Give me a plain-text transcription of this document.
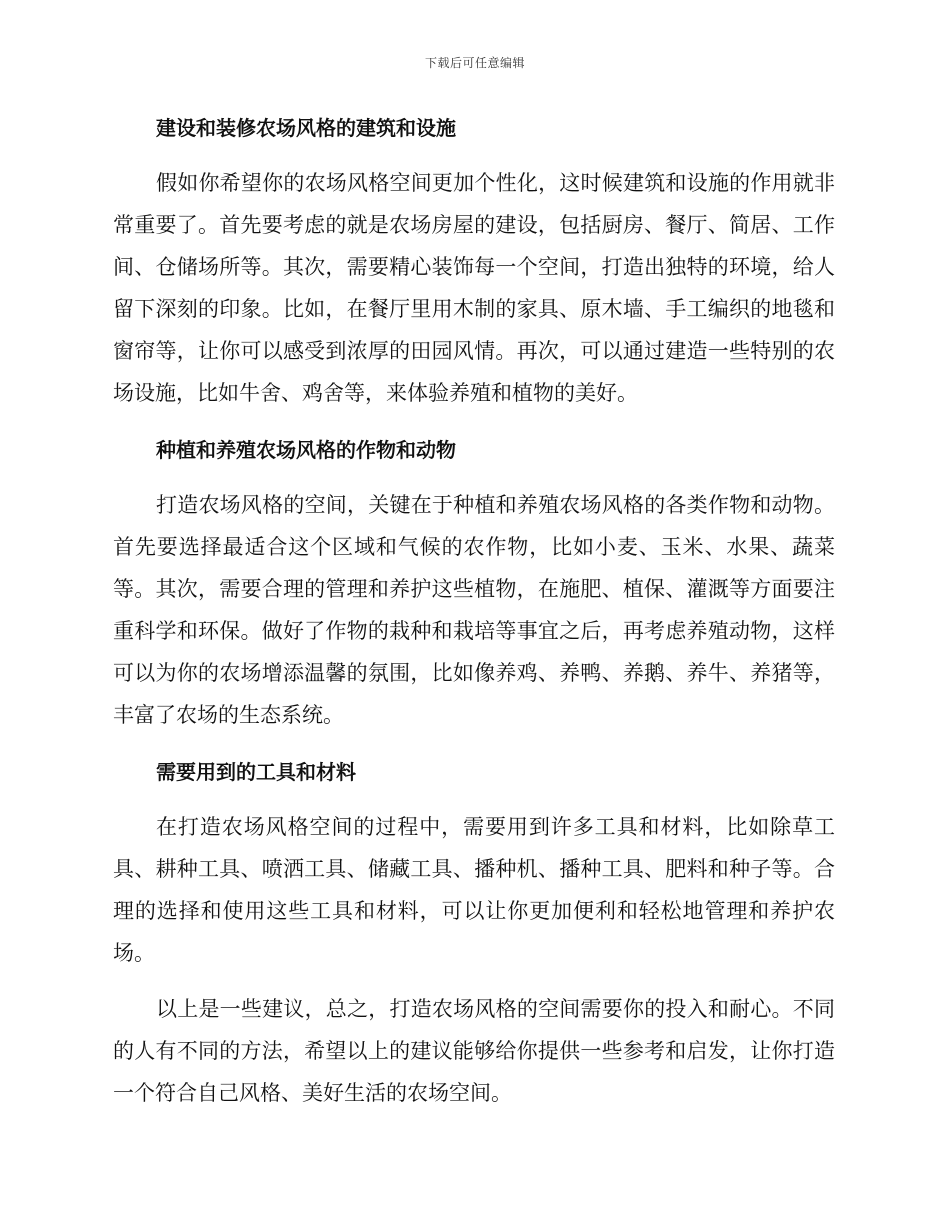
下载后可任意编辑
建设和装修农场风格的建筑和设施

假如你希望你的农场风格空间更加个性化，这时候建筑和设施的作用就非常重要了。首先要考虑的就是农场房屋的建设，包括厨房、餐厅、简居、工作间、仓储场所等。其次，需要精心装饰每一个空间，打造出独特的环境，给人留下深刻的印象。比如，在餐厅里用木制的家具、原木墙、手工编织的地毯和窗帘等，让你可以感受到浓厚的田园风情。再次，可以通过建造一些特别的农场设施，比如牛舍、鸡舍等，来体验养殖和植物的美好。

种植和养殖农场风格的作物和动物

打造农场风格的空间，关键在于种植和养殖农场风格的各类作物和动物。首先要选择最适合这个区域和气候的农作物，比如小麦、玉米、水果、蔬菜等。其次，需要合理的管理和养护这些植物，在施肥、植保、灌溉等方面要注重科学和环保。做好了作物的栽种和栽培等事宜之后，再考虑养殖动物，这样可以为你的农场增添温馨的氛围，比如像养鸡、养鸭、养鹅、养牛、养猪等，丰富了农场的生态系统。

需要用到的工具和材料

在打造农场风格空间的过程中，需要用到许多工具和材料，比如除草工具、耕种工具、喷洒工具、储藏工具、播种机、播种工具、肥料和种子等。合理的选择和使用这些工具和材料，可以让你更加便利和轻松地管理和养护农场。

以上是一些建议，总之，打造农场风格的空间需要你的投入和耐心。不同的人有不同的方法，希望以上的建议能够给你提供一些参考和启发，让你打造一个符合自己风格、美好生活的农场空间。
